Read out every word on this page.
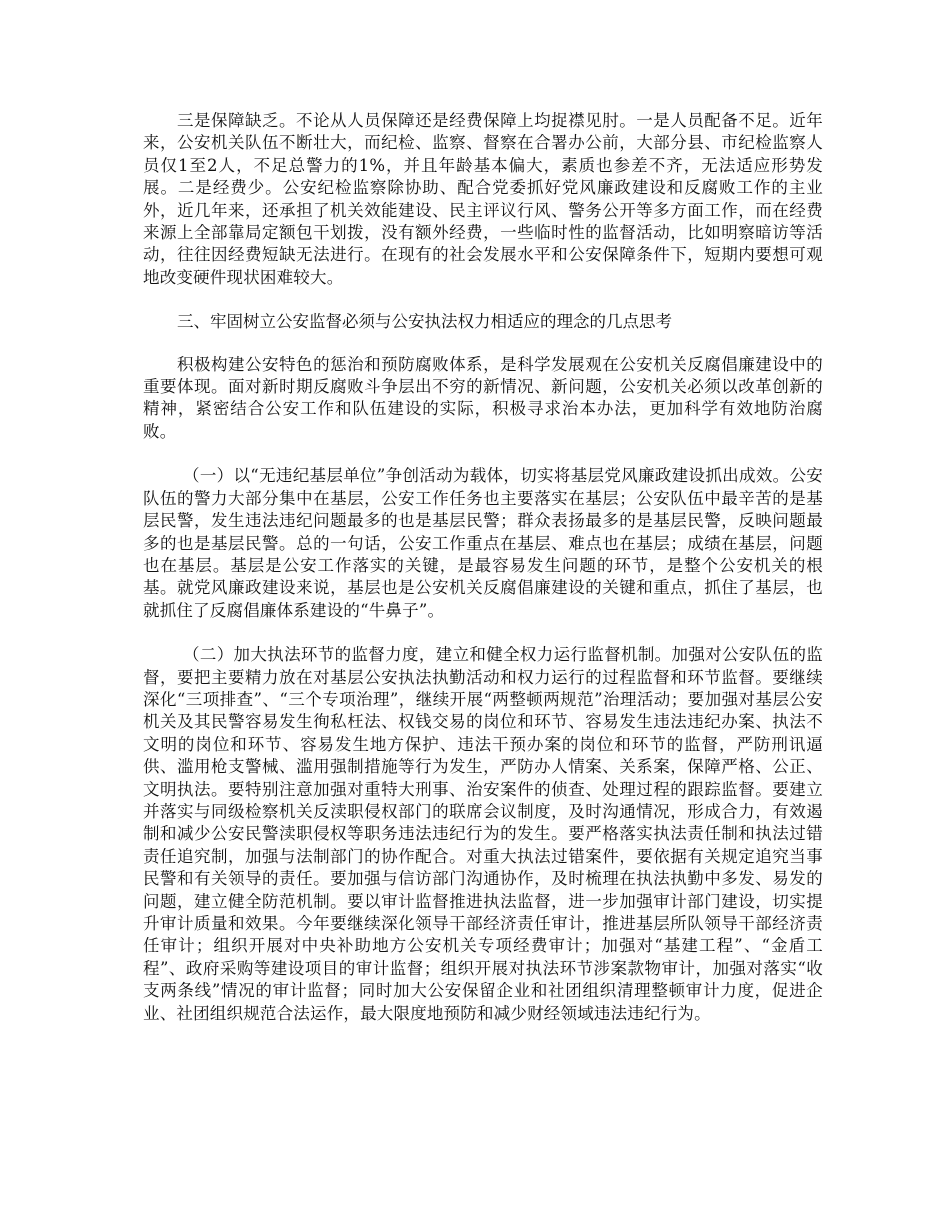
三是保障缺乏。不论从人员保障还是经费保障上均捉襟见肘。一是人员配备不足。近年来，公安机关队伍不断壮大，而纪检、监察、督察在合署办公前，大部分县、市纪检监察人员仅1至2人，不足总警力的1%，并且年龄基本偏大，素质也参差不齐，无法适应形势发展。二是经费少。公安纪检监察除协助、配合党委抓好党风廉政建设和反腐败工作的主业外，近几年来，还承担了机关效能建设、民主评议行风、警务公开等多方面工作，而在经费来源上全部靠局定额包干划拨，没有额外经费，一些临时性的监督活动，比如明察暗访等活动，往往因经费短缺无法进行。在现有的社会发展水平和公安保障条件下，短期内要想可观地改变硬件现状困难较大。

三、牢固树立公安监督必须与公安执法权力相适应的理念的几点思考

积极构建公安特色的惩治和预防腐败体系，是科学发展观在公安机关反腐倡廉建设中的重要体现。面对新时期反腐败斗争层出不穷的新情况、新问题，公安机关必须以改革创新的精神，紧密结合公安工作和队伍建设的实际，积极寻求治本办法，更加科学有效地防治腐败。

（一）以“无违纪基层单位”争创活动为载体，切实将基层党风廉政建设抓出成效。公安队伍的警力大部分集中在基层，公安工作任务也主要落实在基层；公安队伍中最辛苦的是基层民警，发生违法违纪问题最多的也是基层民警；群众表扬最多的是基层民警，反映问题最多的也是基层民警。总的一句话，公安工作重点在基层、难点也在基层；成绩在基层，问题也在基层。基层是公安工作落实的关键，是最容易发生问题的环节，是整个公安机关的根基。就党风廉政建设来说，基层也是公安机关反腐倡廉建设的关键和重点，抓住了基层，也就抓住了反腐倡廉体系建设的“牛鼻子”。

（二）加大执法环节的监督力度，建立和健全权力运行监督机制。加强对公安队伍的监督，要把主要精力放在对基层公安执法执勤活动和权力运行的过程监督和环节监督。要继续深化“三项排查”、“三个专项治理”，继续开展“两整顿两规范”治理活动；要加强对基层公安机关及其民警容易发生徇私枉法、权钱交易的岗位和环节、容易发生违法违纪办案、执法不文明的岗位和环节、容易发生地方保护、违法干预办案的岗位和环节的监督，严防刑讯逼供、滥用枪支警械、滥用强制措施等行为发生，严防办人情案、关系案，保障严格、公正、文明执法。要特别注意加强对重特大刑事、治安案件的侦查、处理过程的跟踪监督。要建立并落实与同级检察机关反渎职侵权部门的联席会议制度，及时沟通情况，形成合力，有效遏制和减少公安民警渎职侵权等职务违法违纪行为的发生。要严格落实执法责任制和执法过错责任追究制，加强与法制部门的协作配合。对重大执法过错案件，要依据有关规定追究当事民警和有关领导的责任。要加强与信访部门沟通协作，及时梳理在执法执勤中多发、易发的问题，建立健全防范机制。要以审计监督推进执法监督，进一步加强审计部门建设，切实提升审计质量和效果。今年要继续深化领导干部经济责任审计，推进基层所队领导干部经济责任审计；组织开展对中央补助地方公安机关专项经费审计；加强对“基建工程”、“金盾工程”、政府采购等建设项目的审计监督；组织开展对执法环节涉案款物审计，加强对落实“收支两条线”情况的审计监督；同时加大公安保留企业和社团组织清理整顿审计力度，促进企业、社团组织规范合法运作，最大限度地预防和减少财经领域违法违纪行为。
